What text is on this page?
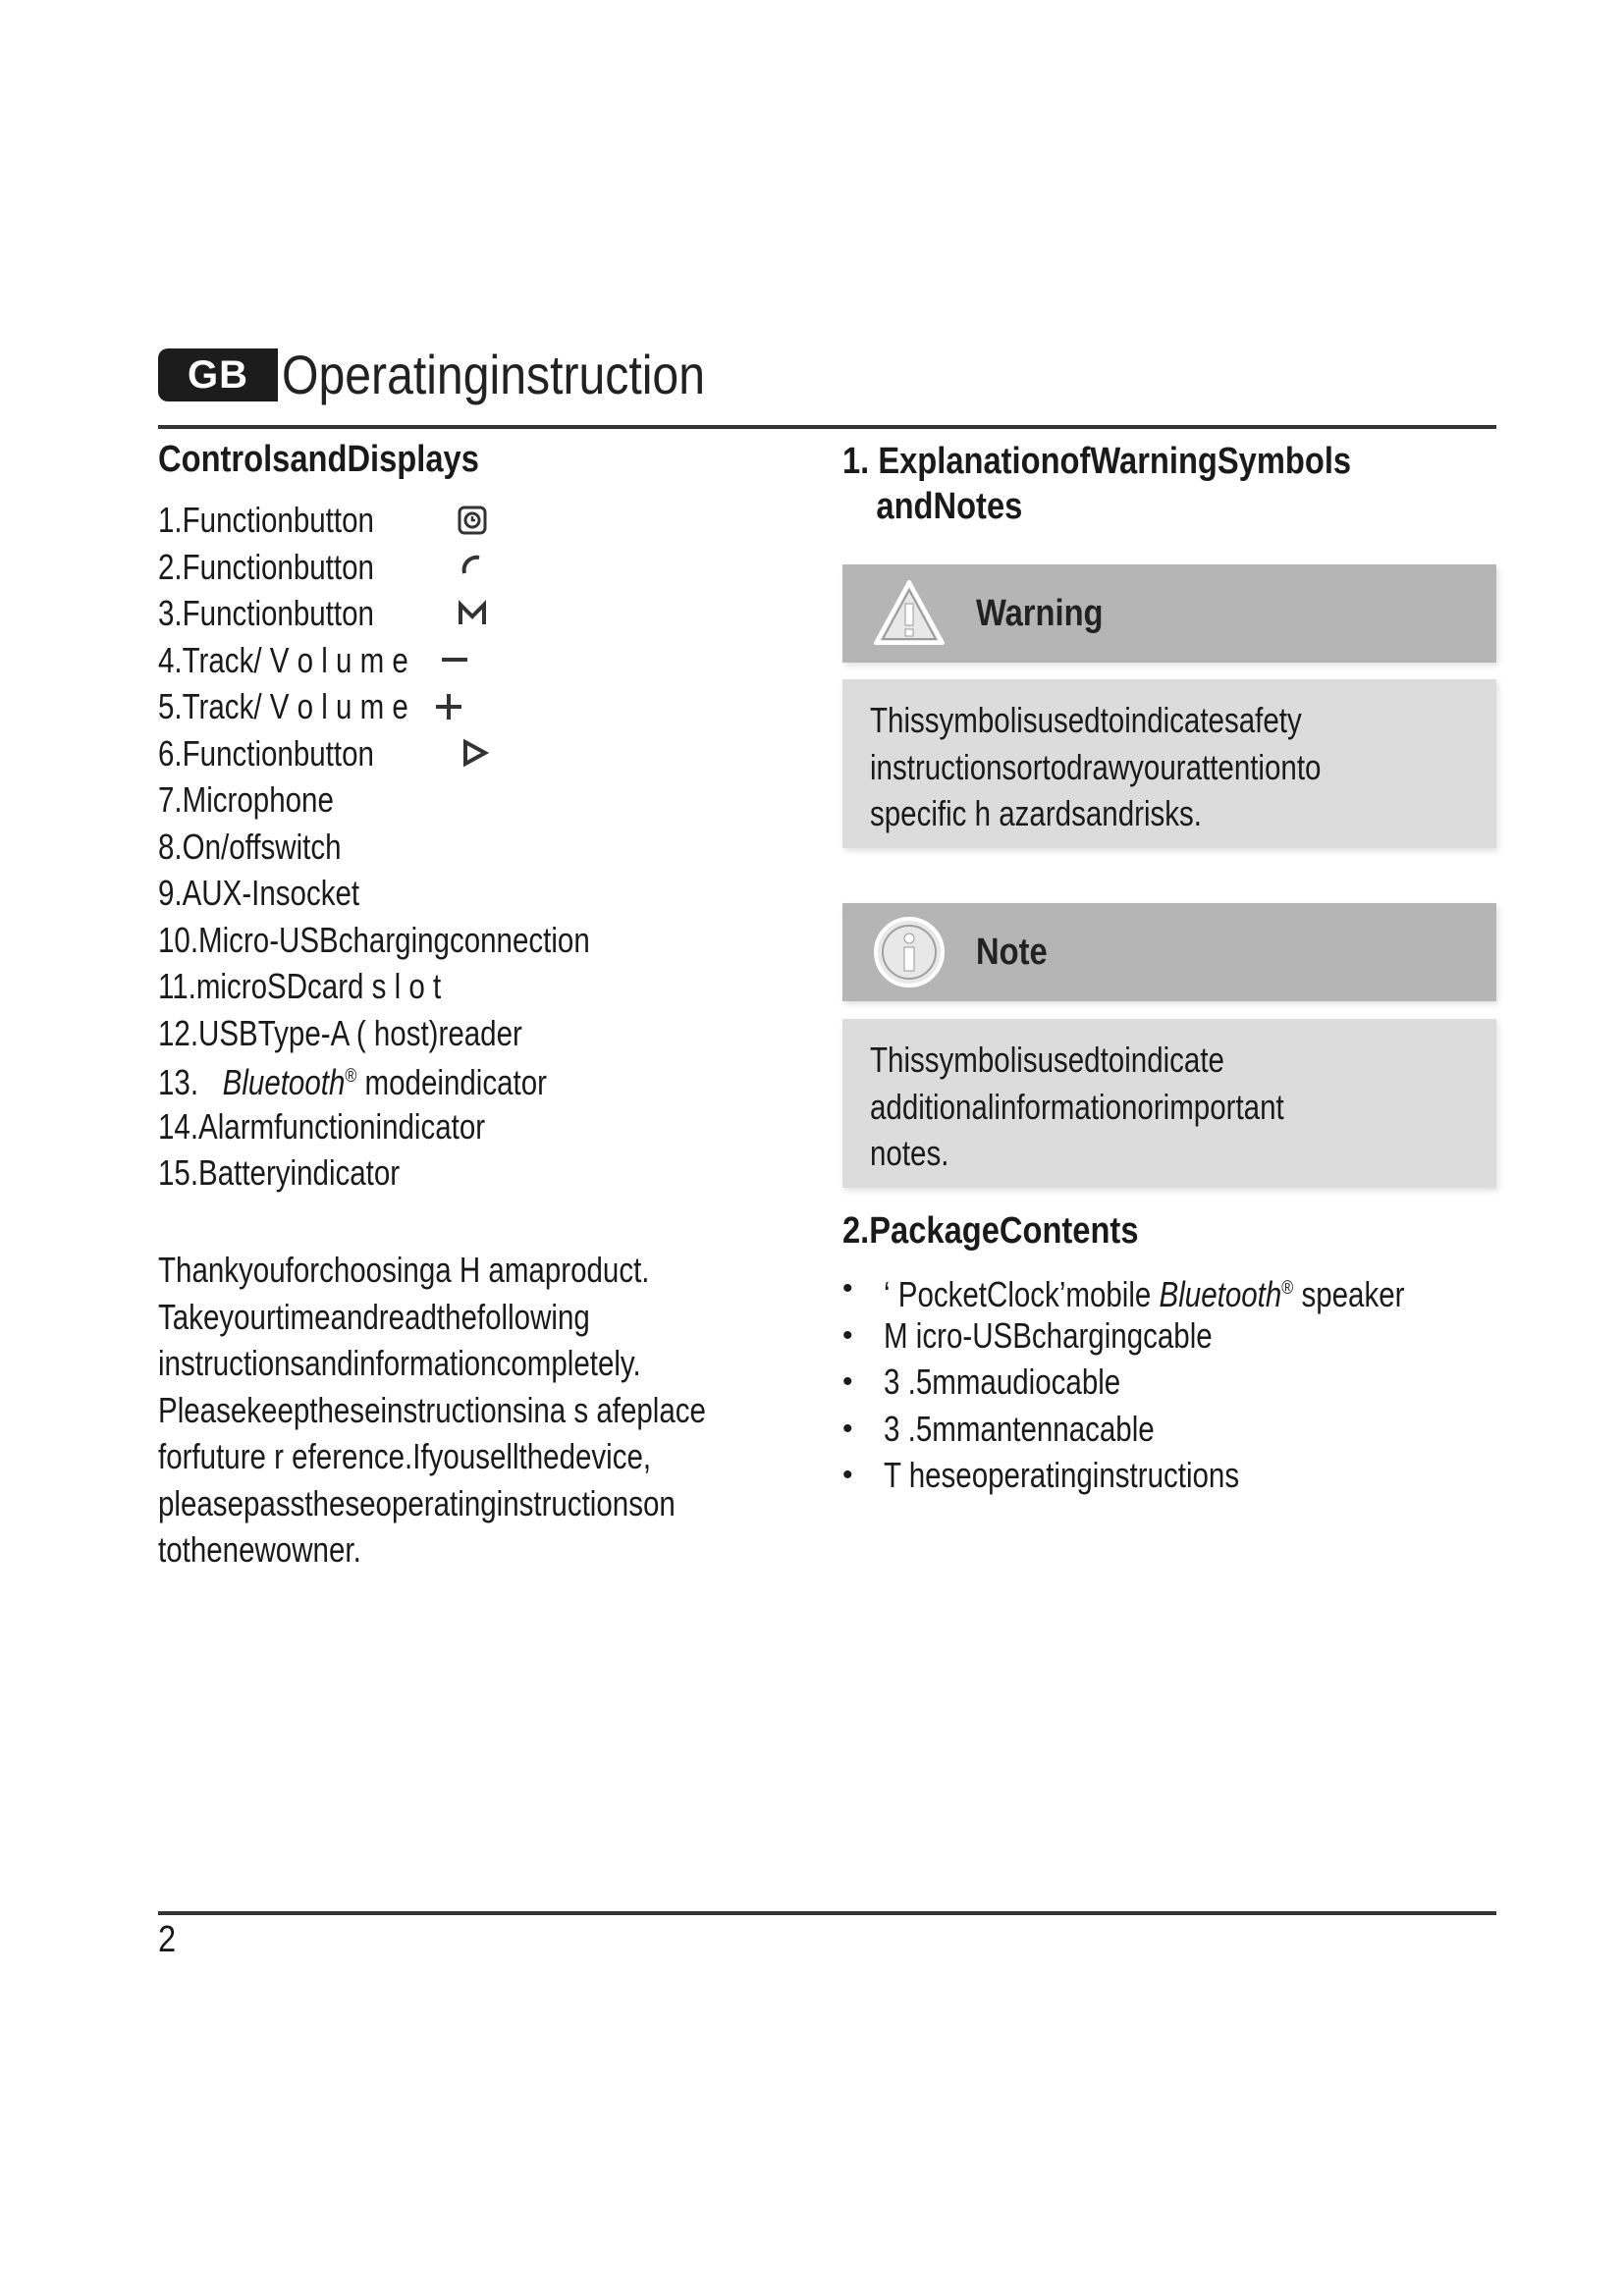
GB Operatinginstruction
ControlsandDisplays
1.Functionbutton
2.Functionbutton
3.Functionbutton
4.Track/ V o l u m e
5.Track/ V o l u m e
6.Functionbutton
7.Microphone
8.On/offswitch
9.AUX-Insocket
10.Micro-USBchargingconnection
11.microSDcard s l o t
12.USBType-A ( host)reader
13. Bluetooth® modeindicator
14.Alarmfunctionindicator
15.Batteryindicator

Thankyouforchoosinga H amaproduct.
Takeyourtimeandreadthefollowing
instructionsandinformationcompletely.
Pleasekeeptheseinstructionsina s afeplace
forfuture r eference.Ifyousellthedevice,
pleasepasstheseoperatinginstructionson
tothenewowner.

1. ExplanationofWarningSymbols
andNotes
Warning
Thissymbolisusedtoindicatesafety
instructionsortodrawyourattentionto
specific h azardsandrisks.
Note
Thissymbolisusedtoindicate
additionalinformationorimportant
notes.
2.PackageContents
• ‘ PocketClock’mobile Bluetooth® speaker
• M icro-USBchargingcable
• 3 .5mmaudiocable
• 3 .5mmantennacable
• T heseoperatinginstructions
2
